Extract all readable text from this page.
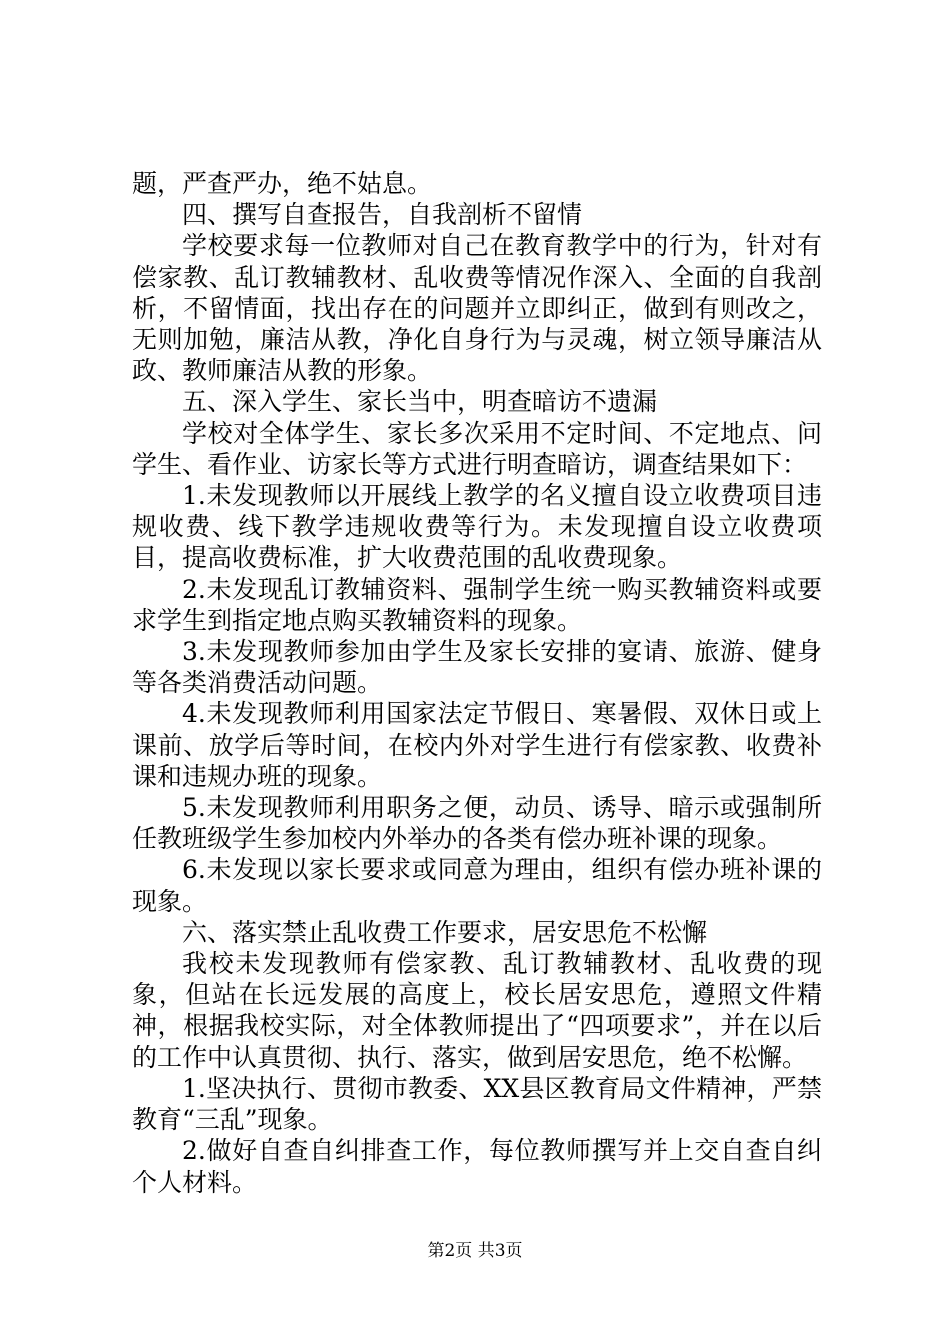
题，严查严办，绝不姑息。

四、撰写自查报告，自我剖析不留情

学校要求每一位教师对自己在教育教学中的行为，针对有偿家教、乱订教辅教材、乱收费等情况作深入、全面的自我剖析，不留情面，找出存在的问题并立即纠正，做到有则改之，无则加勉，廉洁从教，净化自身行为与灵魂，树立领导廉洁从政、教师廉洁从教的形象。

五、深入学生、家长当中，明查暗访不遗漏

学校对全体学生、家长多次采用不定时间、不定地点、问学生、看作业、访家长等方式进行明查暗访，调查结果如下：

1.未发现教师以开展线上教学的名义擅自设立收费项目违规收费、线下教学违规收费等行为。未发现擅自设立收费项目，提高收费标准，扩大收费范围的乱收费现象。

2.未发现乱订教辅资料、强制学生统一购买教辅资料或要求学生到指定地点购买教辅资料的现象。

3.未发现教师参加由学生及家长安排的宴请、旅游、健身等各类消费活动问题。

4.未发现教师利用国家法定节假日、寒暑假、双休日或上课前、放学后等时间，在校内外对学生进行有偿家教、收费补课和违规办班的现象。

5.未发现教师利用职务之便，动员、诱导、暗示或强制所任教班级学生参加校内外举办的各类有偿办班补课的现象。

6.未发现以家长要求或同意为理由，组织有偿办班补课的现象。

六、落实禁止乱收费工作要求，居安思危不松懈

我校未发现教师有偿家教、乱订教辅教材、乱收费的现象，但站在长远发展的高度上，校长居安思危，遵照文件精神，根据我校实际，对全体教师提出了“四项要求”，并在以后的工作中认真贯彻、执行、落实，做到居安思危，绝不松懈。

1.坚决执行、贯彻市教委、XX县区教育局文件精神，严禁教育“三乱”现象。

2.做好自查自纠排查工作，每位教师撰写并上交自查自纠个人材料。

第2页 共3页
